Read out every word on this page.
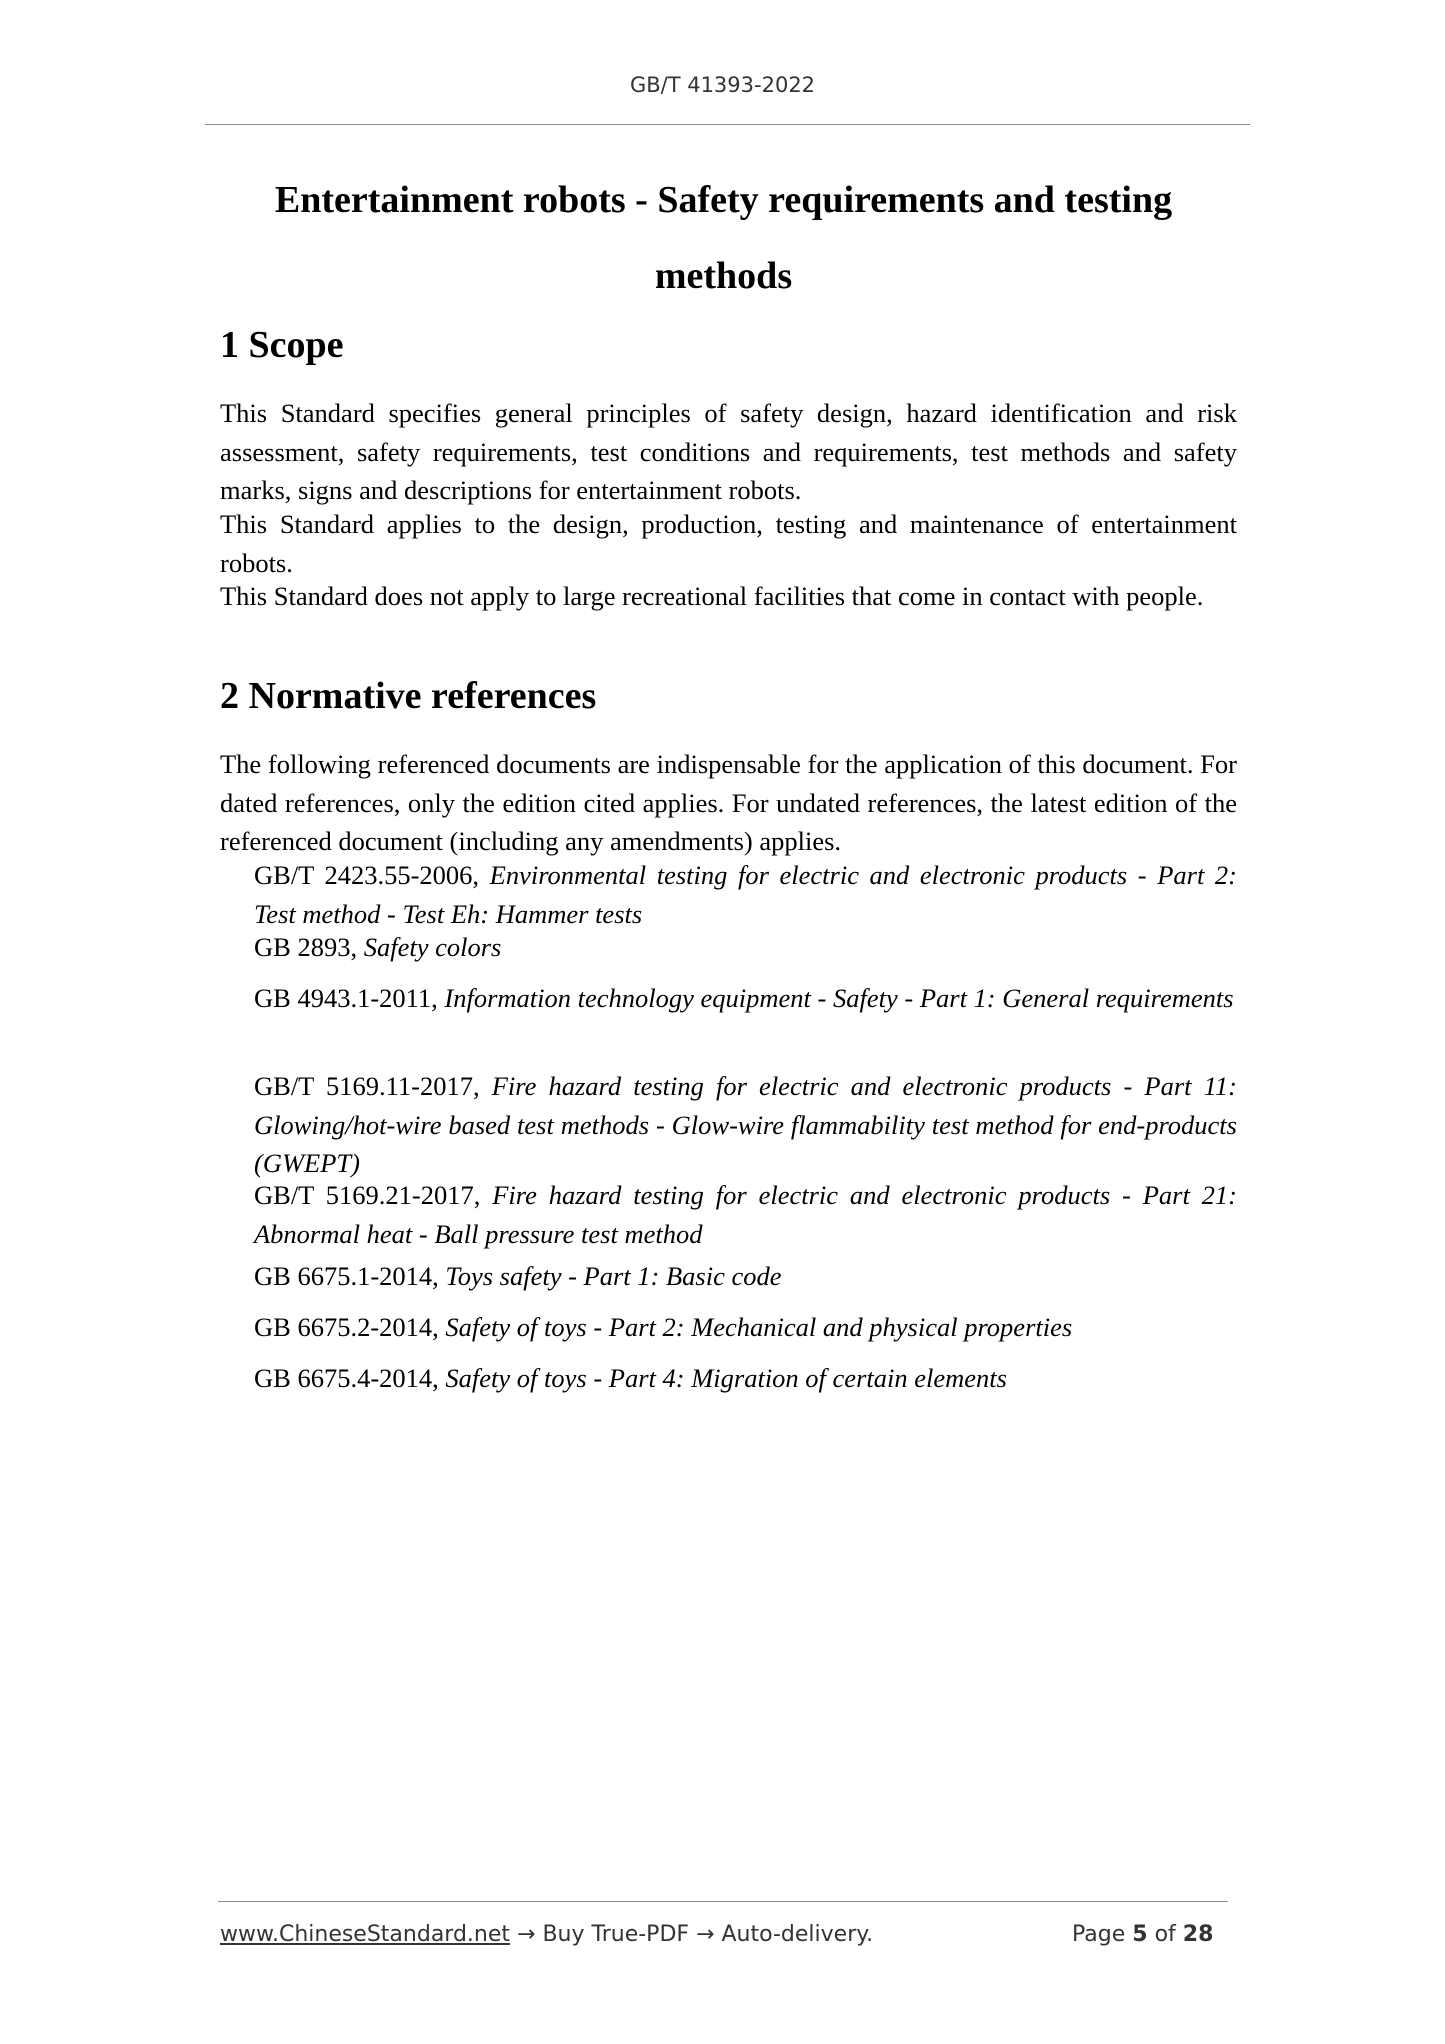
GB/T 41393-2022
Entertainment robots - Safety requirements and testing methods
1 Scope

This Standard specifies general principles of safety design, hazard identification and risk assessment, safety requirements, test conditions and requirements, test methods and safety marks, signs and descriptions for entertainment robots.

This Standard applies to the design, production, testing and maintenance of entertainment robots.

This Standard does not apply to large recreational facilities that come in contact with people.

2 Normative references

The following referenced documents are indispensable for the application of this document. For dated references, only the edition cited applies. For undated references, the latest edition of the referenced document (including any amendments) applies.

GB/T 2423.55-2006, Environmental testing for electric and electronic products - Part 2: Test method - Test Eh: Hammer tests

GB 2893, Safety colors

GB 4943.1-2011, Information technology equipment - Safety - Part 1: General requirements

GB/T 5169.11-2017, Fire hazard testing for electric and electronic products - Part 11: Glowing/hot-wire based test methods - Glow-wire flammability test method for end-products (GWEPT)

GB/T 5169.21-2017, Fire hazard testing for electric and electronic products - Part 21: Abnormal heat - Ball pressure test method

GB 6675.1-2014, Toys safety - Part 1: Basic code

GB 6675.2-2014, Safety of toys - Part 2: Mechanical and physical properties

GB 6675.4-2014, Safety of toys - Part 4: Migration of certain elements

www.ChineseStandard.net → Buy True-PDF → Auto-delivery.	Page 5 of 28
